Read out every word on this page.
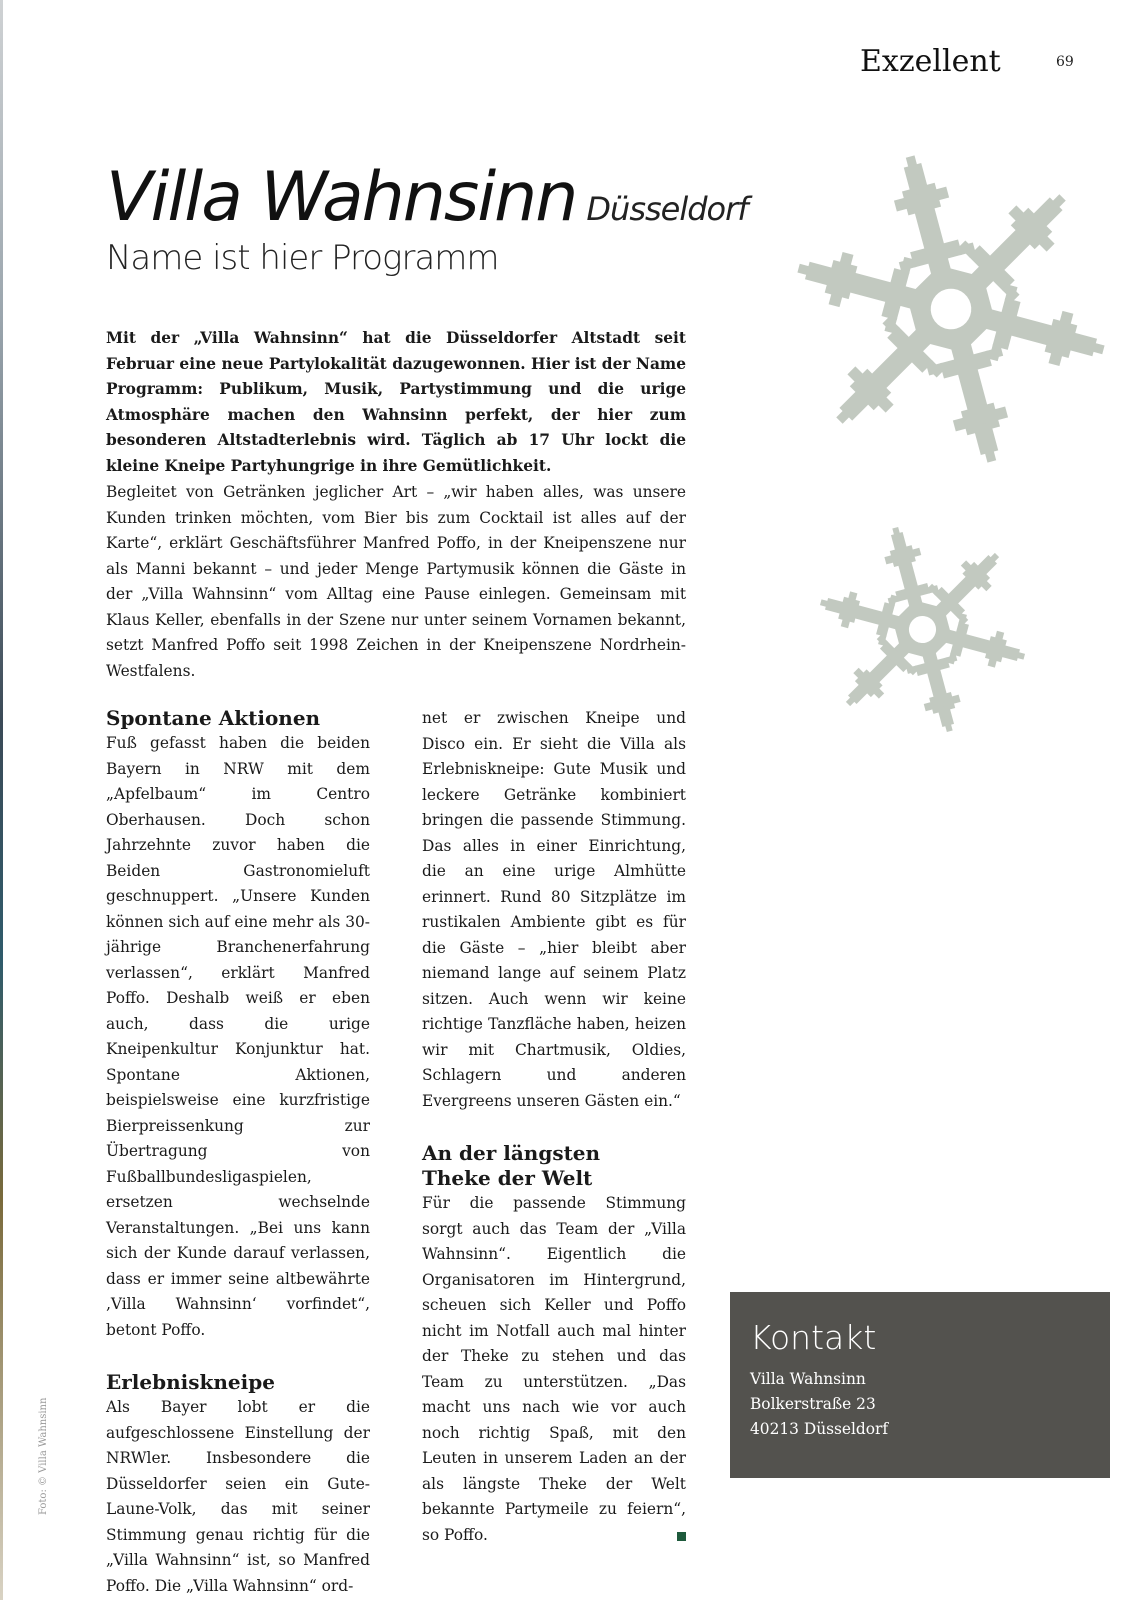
Exzellent	69
Villa Wahnsinn Düsseldorf
Name ist hier Programm

Mit der „Villa Wahnsinn“ hat die Düsseldorfer Altstadt seit Februar eine neue Partylokalität dazugewonnen. Hier ist der Name Programm: Publikum, Musik, Partystimmung und die urige Atmosphäre machen den Wahnsinn perfekt, der hier zum besonderen Altstadterlebnis wird. Täglich ab 17 Uhr lockt die kleine Kneipe Partyhungrige in ihre Gemütlichkeit.

Begleitet von Getränken jeglicher Art – „wir haben alles, was unsere Kunden trinken möchten, vom Bier bis zum Cocktail ist alles auf der Karte“, erklärt Geschäftsführer Manfred Poffo, in der Kneipenszene nur als Manni bekannt – und jeder Menge Partymusik können die Gäste in der „Villa Wahnsinn“ vom Alltag eine Pause einlegen. Gemeinsam mit Klaus Keller, ebenfalls in der Szene nur unter seinem Vornamen bekannt, setzt Manfred Poffo seit 1998 Zeichen in der Kneipenszene Nordrhein-Westfalens.

Spontane Aktionen

Fuß gefasst haben die beiden Bayern in NRW mit dem „Apfelbaum“ im Centro Oberhausen. Doch schon Jahrzehnte zuvor haben die Beiden Gastronomieluft geschnuppert. „Unsere Kunden können sich auf eine mehr als 30-jährige Branchenerfahrung verlassen“, erklärt Manfred Poffo. Deshalb weiß er eben auch, dass die urige Kneipenkultur Konjunktur hat. Spontane Aktionen, beispielsweise eine kurzfristige Bierpreissenkung zur Übertragung von Fußballbundesligaspielen, ersetzen wechselnde Veranstaltungen. „Bei uns kann sich der Kunde darauf verlassen, dass er immer seine altbewährte ‚Villa Wahnsinn‘ vorfindet“, betont Poffo.

Erlebniskneipe

Als Bayer lobt er die aufgeschlossene Einstellung der NRWler. Insbesondere die Düsseldorfer seien ein Gute-Laune-Volk, das mit seiner Stimmung genau richtig für die „Villa Wahnsinn“ ist, so Manfred Poffo. Die „Villa Wahnsinn“ ord-

net er zwischen Kneipe und Disco ein. Er sieht die Villa als Erlebniskneipe: Gute Musik und leckere Getränke kombiniert bringen die passende Stimmung. Das alles in einer Einrichtung, die an eine urige Almhütte erinnert. Rund 80 Sitzplätze im rustikalen Ambiente gibt es für die Gäste – „hier bleibt aber niemand lange auf seinem Platz sitzen. Auch wenn wir keine richtige Tanzfläche haben, heizen wir mit Chartmusik, Oldies, Schlagern und anderen Evergreens unseren Gästen ein.“

An der längsten
Theke der Welt

Für die passende Stimmung sorgt auch das Team der „Villa Wahnsinn“. Eigentlich die Organisatoren im Hintergrund, scheuen sich Keller und Poffo nicht im Notfall auch mal hinter der Theke zu stehen und das Team zu unterstützen. „Das macht uns nach wie vor auch noch richtig Spaß, mit den Leuten in unserem Laden an der als längste Theke der Welt bekannte Partymeile zu feiern“, so Poffo.

Kontakt
Villa Wahnsinn
Bolkerstraße 23
40213 Düsseldorf
Foto: © Villa Wahnsinn
